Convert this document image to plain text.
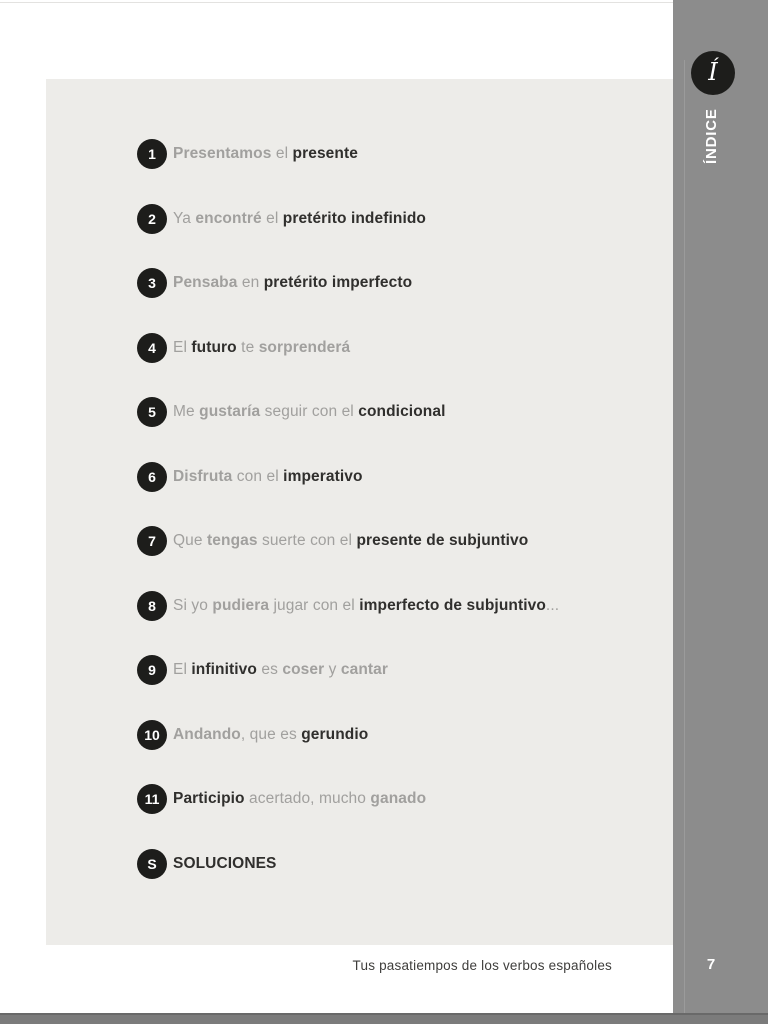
1	Presentamos el presente
2	Ya encontré el pretérito indefinido
3	Pensaba en pretérito imperfecto
4	El futuro te sorprenderá
5	Me gustaría seguir con el condicional
6	Disfruta con el imperativo
7	Que tengas suerte con el presente de subjuntivo
8	Si yo pudiera jugar con el imperfecto de subjuntivo...
9	El infinitivo es coser y cantar
10 Andando, que es gerundio
11 Participio acertado, mucho ganado
S	SOLUCIONES
Í
ÍNDICE
7
Tus pasatiempos de los verbos españoles
